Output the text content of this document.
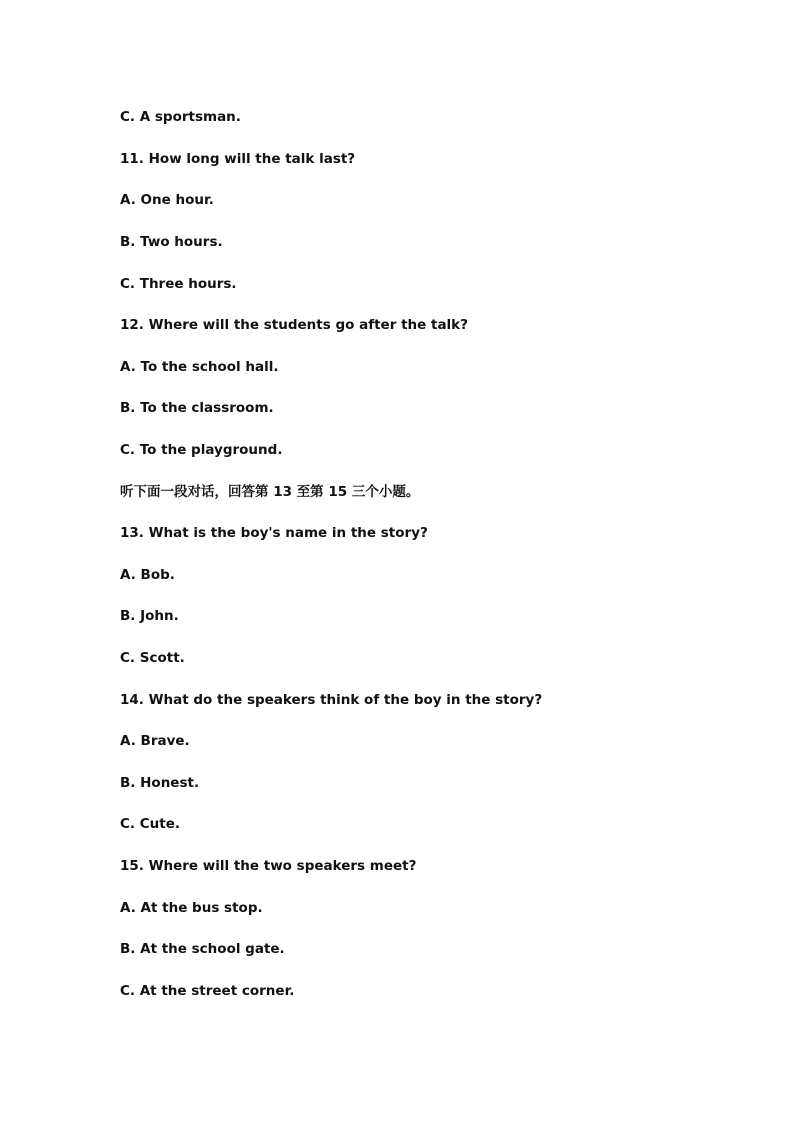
C. A sportsman.

11. How long will the talk last?

A. One hour.

B. Two hours.

C. Three hours.

12. Where will the students go after the talk?

A. To the school hall.

B. To the classroom.

C. To the playground.

听下面一段对话，回答第 13 至第 15 三个小题。

13. What is the boy's name in the story?

A. Bob.

B. John.

C. Scott.

14. What do the speakers think of the boy in the story?

A. Brave.

B. Honest.

C. Cute.

15. Where will the two speakers meet?

A. At the bus stop.

B. At the school gate.

C. At the street corner.
